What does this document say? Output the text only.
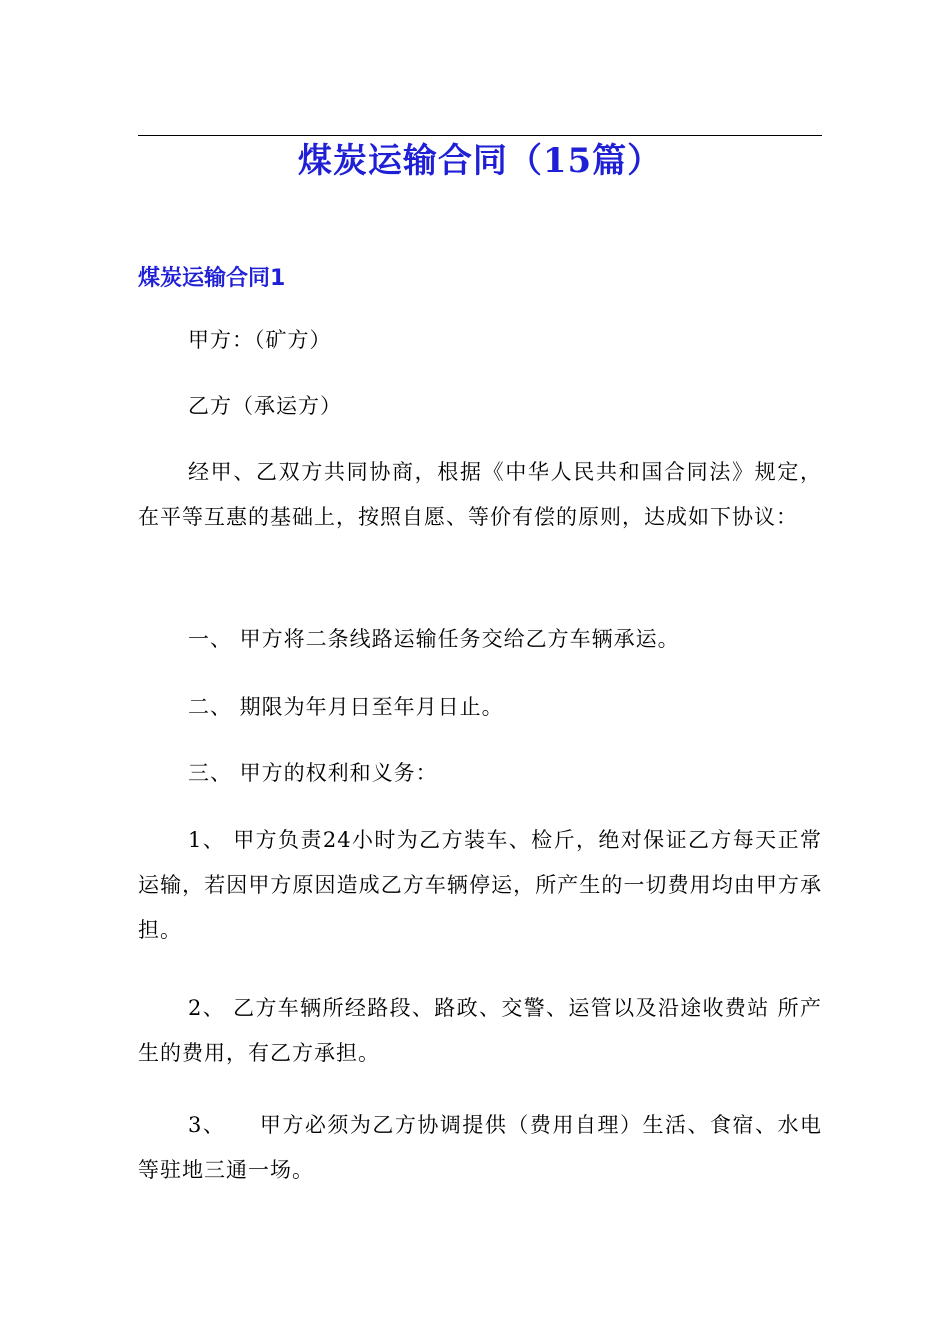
煤炭运输合同（15篇）
煤炭运输合同1

甲方：（矿方）

乙方（承运方）

经甲、乙双方共同协商，根据《中华人民共和国合同法》规定，在平等互惠的基础上，按照自愿、等价有偿的原则，达成如下协议：

一、 甲方将二条线路运输任务交给乙方车辆承运。

二、 期限为年月日至年月日止。

三、 甲方的权利和义务：

1、 甲方负责24小时为乙方装车、检斤，绝对保证乙方每天正常运输，若因甲方原因造成乙方车辆停运，所产生的一切费用均由甲方承担。

2、 乙方车辆所经路段、路政、交警、运管以及沿途收费站 所产生的费用，有乙方承担。

3、 甲方必须为乙方协调提供（费用自理）生活、食宿、水电 等驻地三通一场。
